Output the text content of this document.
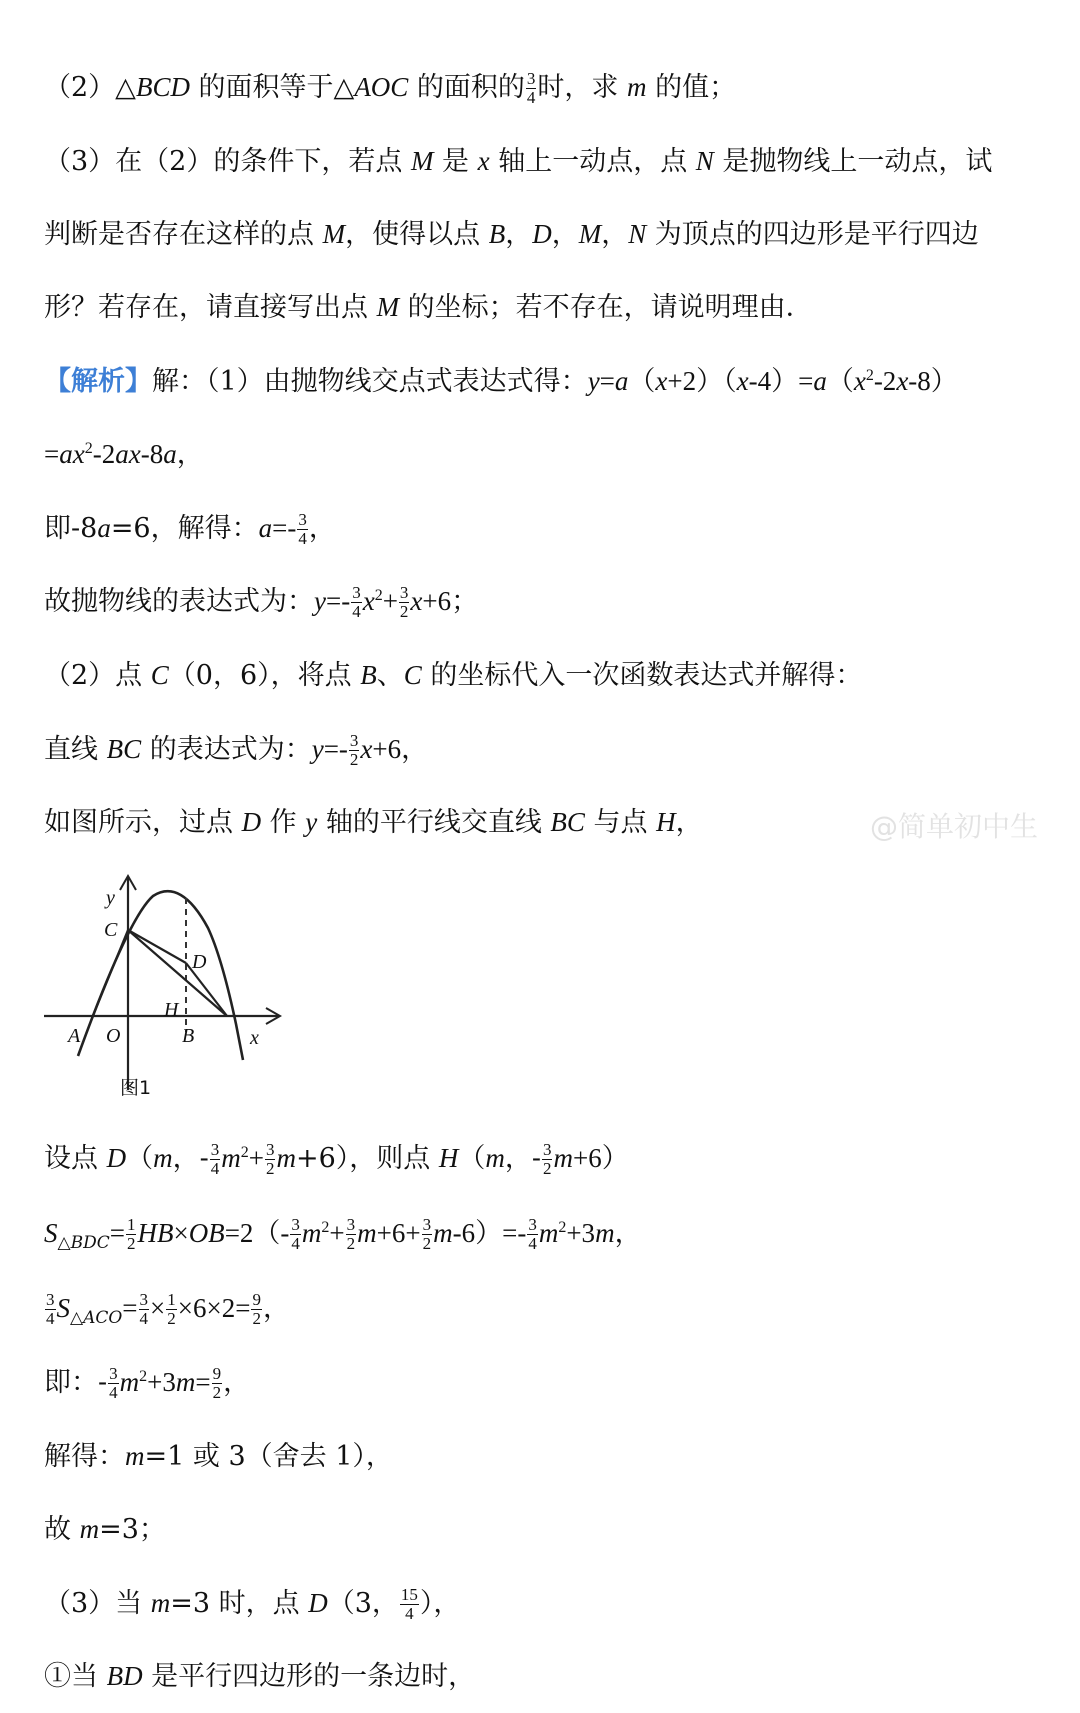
（2）△BCD 的面积等于△AOC 的面积的 $\frac{3}{4}$ 时，求 m 的值；
（3）在（2）的条件下，若点 M 是 x 轴上一动点，点 N 是抛物线上一动点，试
判断是否存在这样的点 M，使得以点 B，D，M，N 为顶点的四边形是平行四边
形？若存在，请直接写出点 M 的坐标；若不存在，请说明理由．
【解析】解：（1）由抛物线交点式表达式得：$y=a(x+2)(x-4)=a(x^2-2x-8)$
$=ax^2-2ax-8a$，
即-8a=6，解得：$a=- \frac{3}{4}$ ，
故抛物线的表达式为：$y=- \frac{3}{4} x^2+ \frac{3}{2} x+6$；
（2）点 C（0，6），将点 B、C 的坐标代入一次函数表达式并解得：
直线 BC 的表达式为：$y=- \frac{3}{2} x+6$，
如图所示，过点 D 作 y 轴的平行线交直线 BC 与点 H，	@简单初中生
y
C
D
H
A O	B	x
图1
设点 D（m，- $\frac{3}{4} m^2+ \frac{3}{2} m+6$），则点 H（m，- $\frac{3}{2} m+6$）
$S_{\triangle BDC}= \frac{1}{2} HB\times OB=2(- \frac{3}{4} m^2+ \frac{3}{2} m+6+ \frac{3}{2} m-6)=- \frac{3}{4} m^2+3m$，
$\frac{3}{4} S_{\triangle ACO}= \frac{3}{4} \times \frac{1}{2} \times 6\times 2= \frac{9}{2}$ ，
即：- $\frac{3}{4} m^2+3m= \frac{9}{2}$ ，
解得：m=1 或 3（舍去 1），
故 m=3；
（3）当 m=3 时，点 D（3， $\frac{15}{4}$ ），
①当 BD 是平行四边形的一条边时，
